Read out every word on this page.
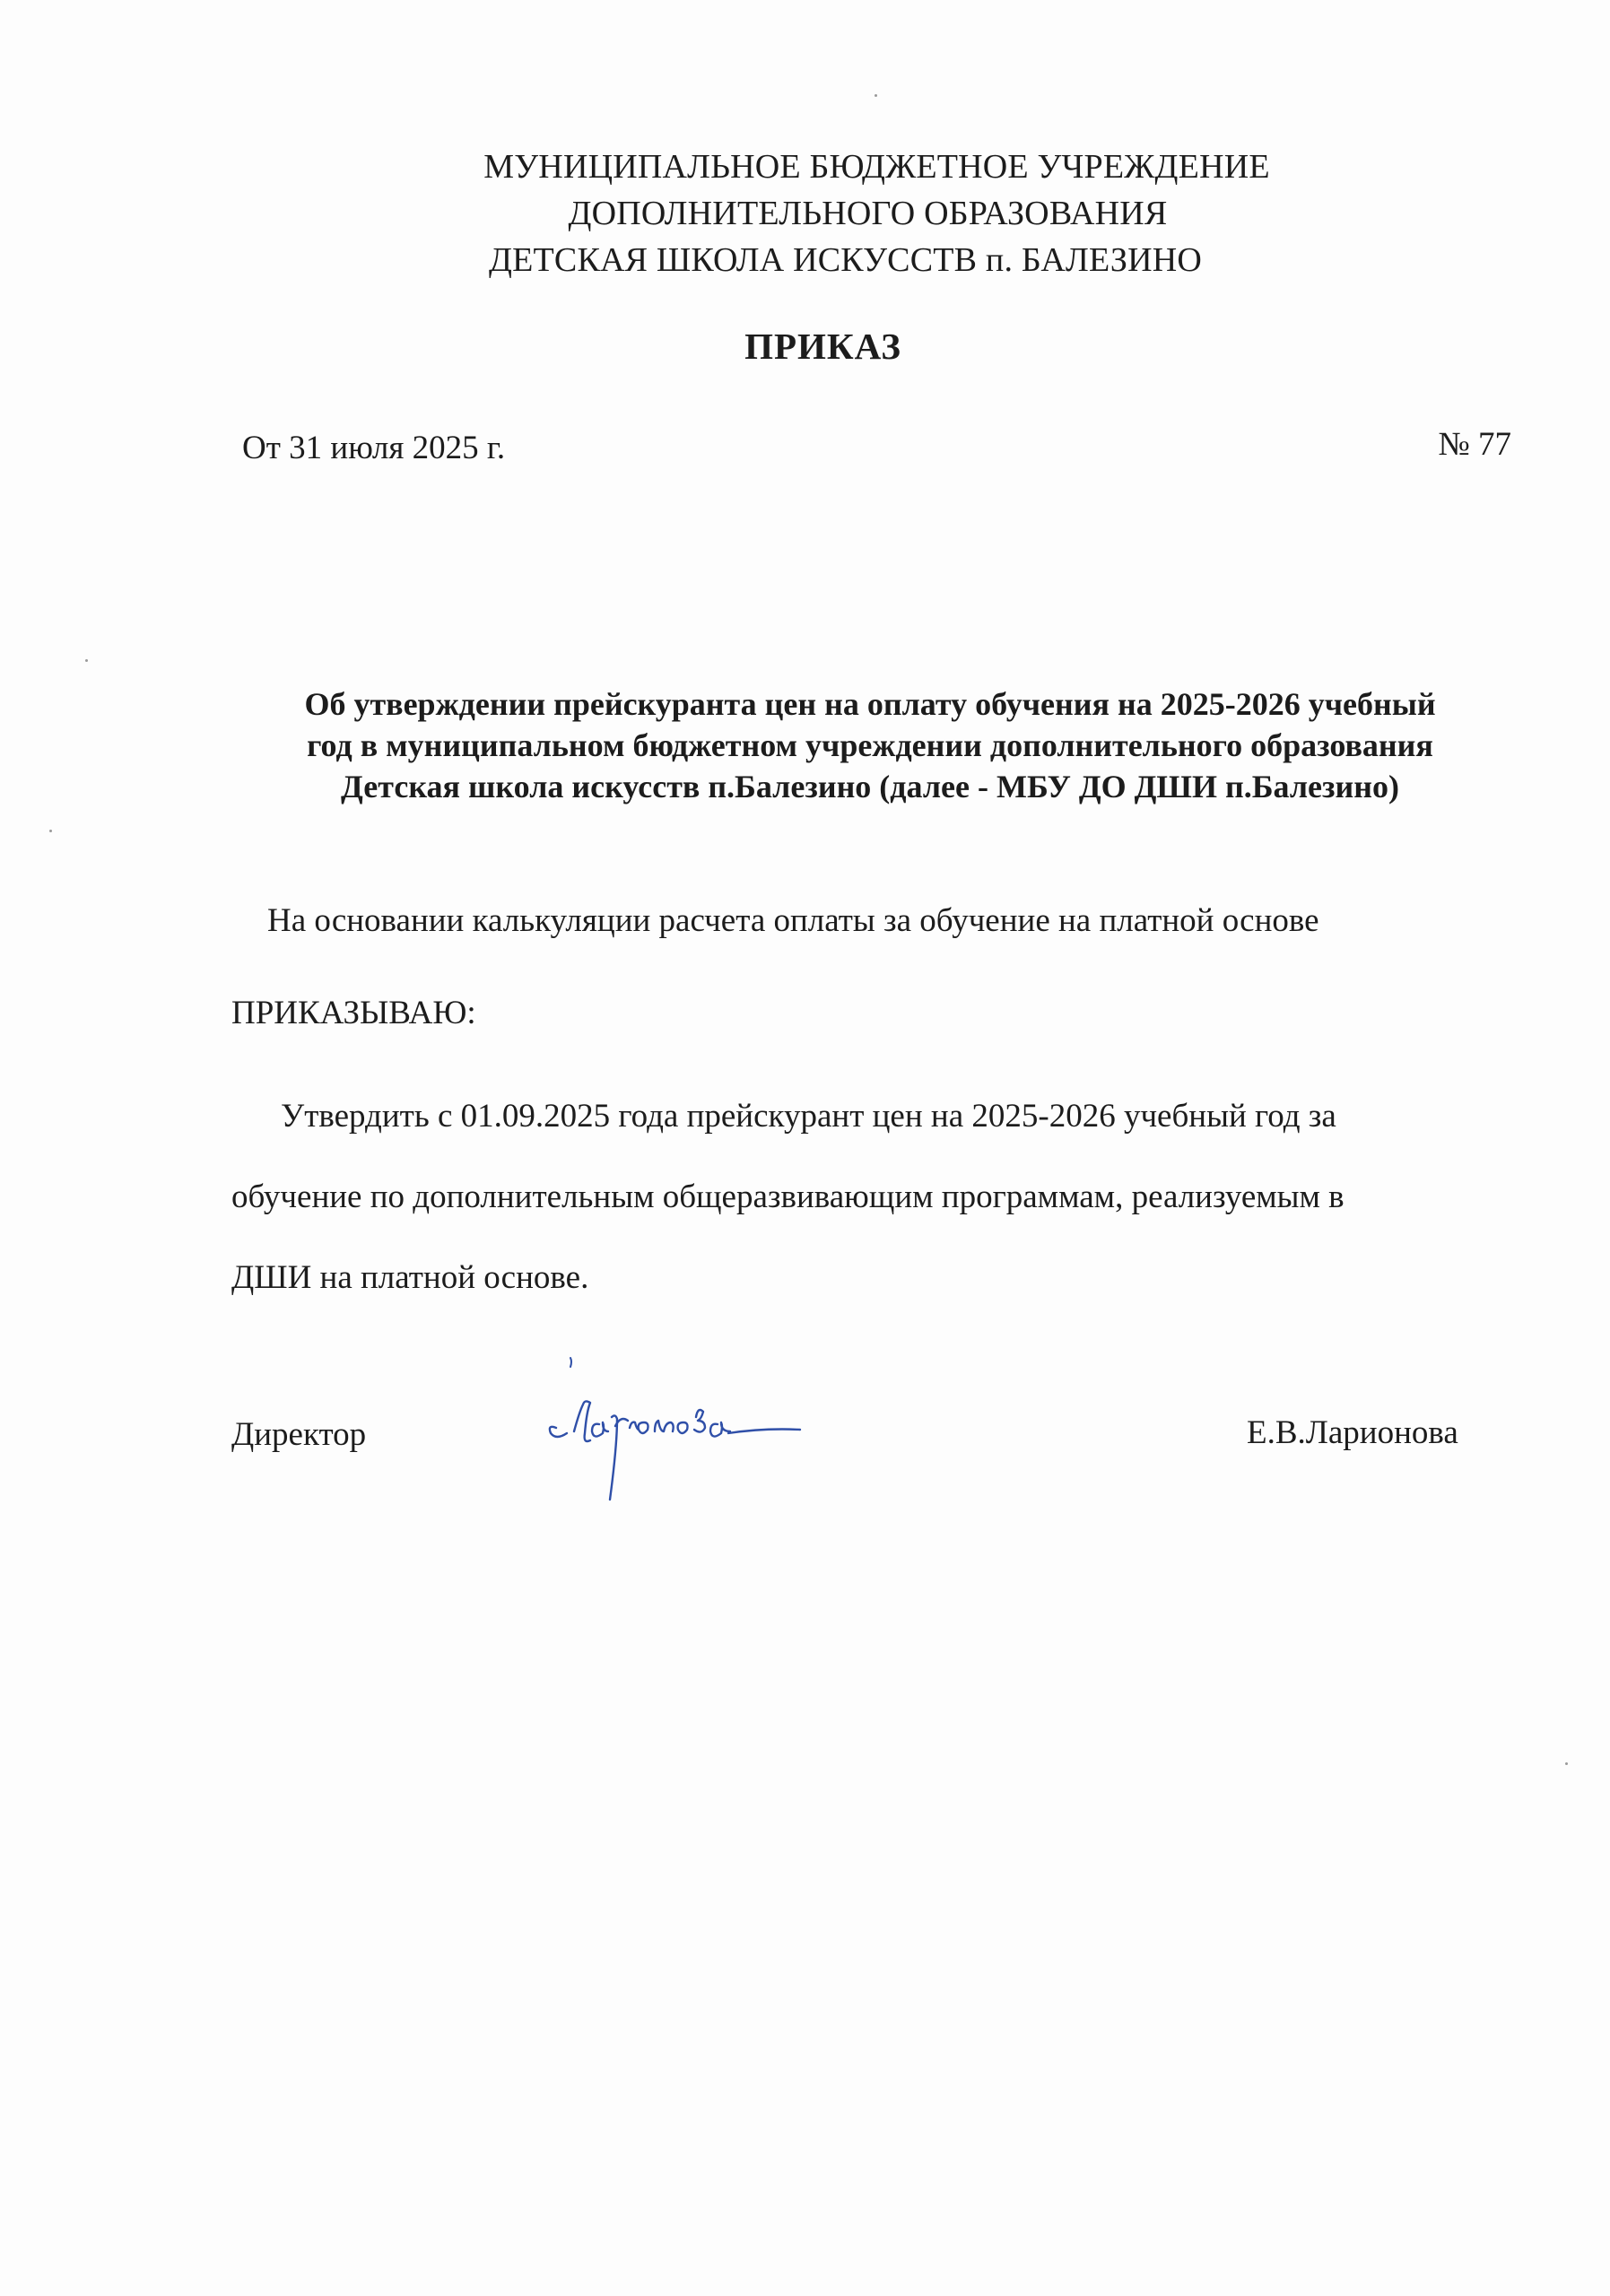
МУНИЦИПАЛЬНОЕ БЮДЖЕТНОЕ УЧРЕЖДЕНИЕ
ДОПОЛНИТЕЛЬНОГО ОБРАЗОВАНИЯ
ДЕТСКАЯ ШКОЛА ИСКУССТВ п. БАЛЕЗИНО
ПРИКАЗ
От 31 июля 2025 г.	№ 77
Об утверждении прейскуранта цен на оплату обучения на 2025-2026 учебный
год в муниципальном бюджетном учреждении дополнительного образования
Детская школа искусств п.Балезино (далее - МБУ ДО ДШИ п.Балезино)
На основании калькуляции расчета оплаты за обучение на платной основе
ПРИКАЗЫВАЮ:
Утвердить с 01.09.2025 года прейскурант цен на 2025-2026 учебный год за
обучение по дополнительным общеразвивающим программам, реализуемым в
ДШИ на платной основе.
Директор	Е.В.Ларионова
